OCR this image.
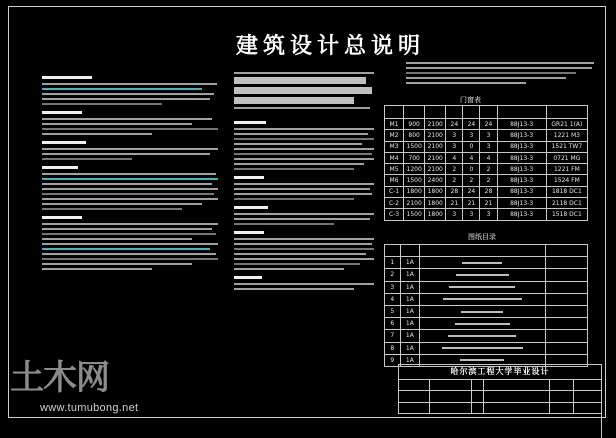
建筑设计总说明
门窗表

M1	900	2100	24	24	24	88J13-3	GR21 1(A)
M2	800	2100	3	3	3	88J13-3	1221 M3
M3	1500	2100	3	0	3	88J13-3	1521 TW7
M4	700	2100	4	4	4	88J13-3	0721 MG
M5	1200	2100	2	0	2	88J13-3	1221 FM
M6	1500	2400	2	2	2	88J13-3	1524 FM
C-1	1800	1800	28	24	28	88J13-3	1818 DC1
C-2	2100	1800	21	21	21	88J13-3	2118 DC1
C-3	1500	1800	3	3	3	88J13-3	1518 DC1
图纸目录

1	1A	

2	1A	

3	1A	

4	1A	

5	1A	

6	1A	

7	1A	

8	1A	

9	1A	

哈尔滨工程大学毕业设计
土木网
www.tumubong.net
